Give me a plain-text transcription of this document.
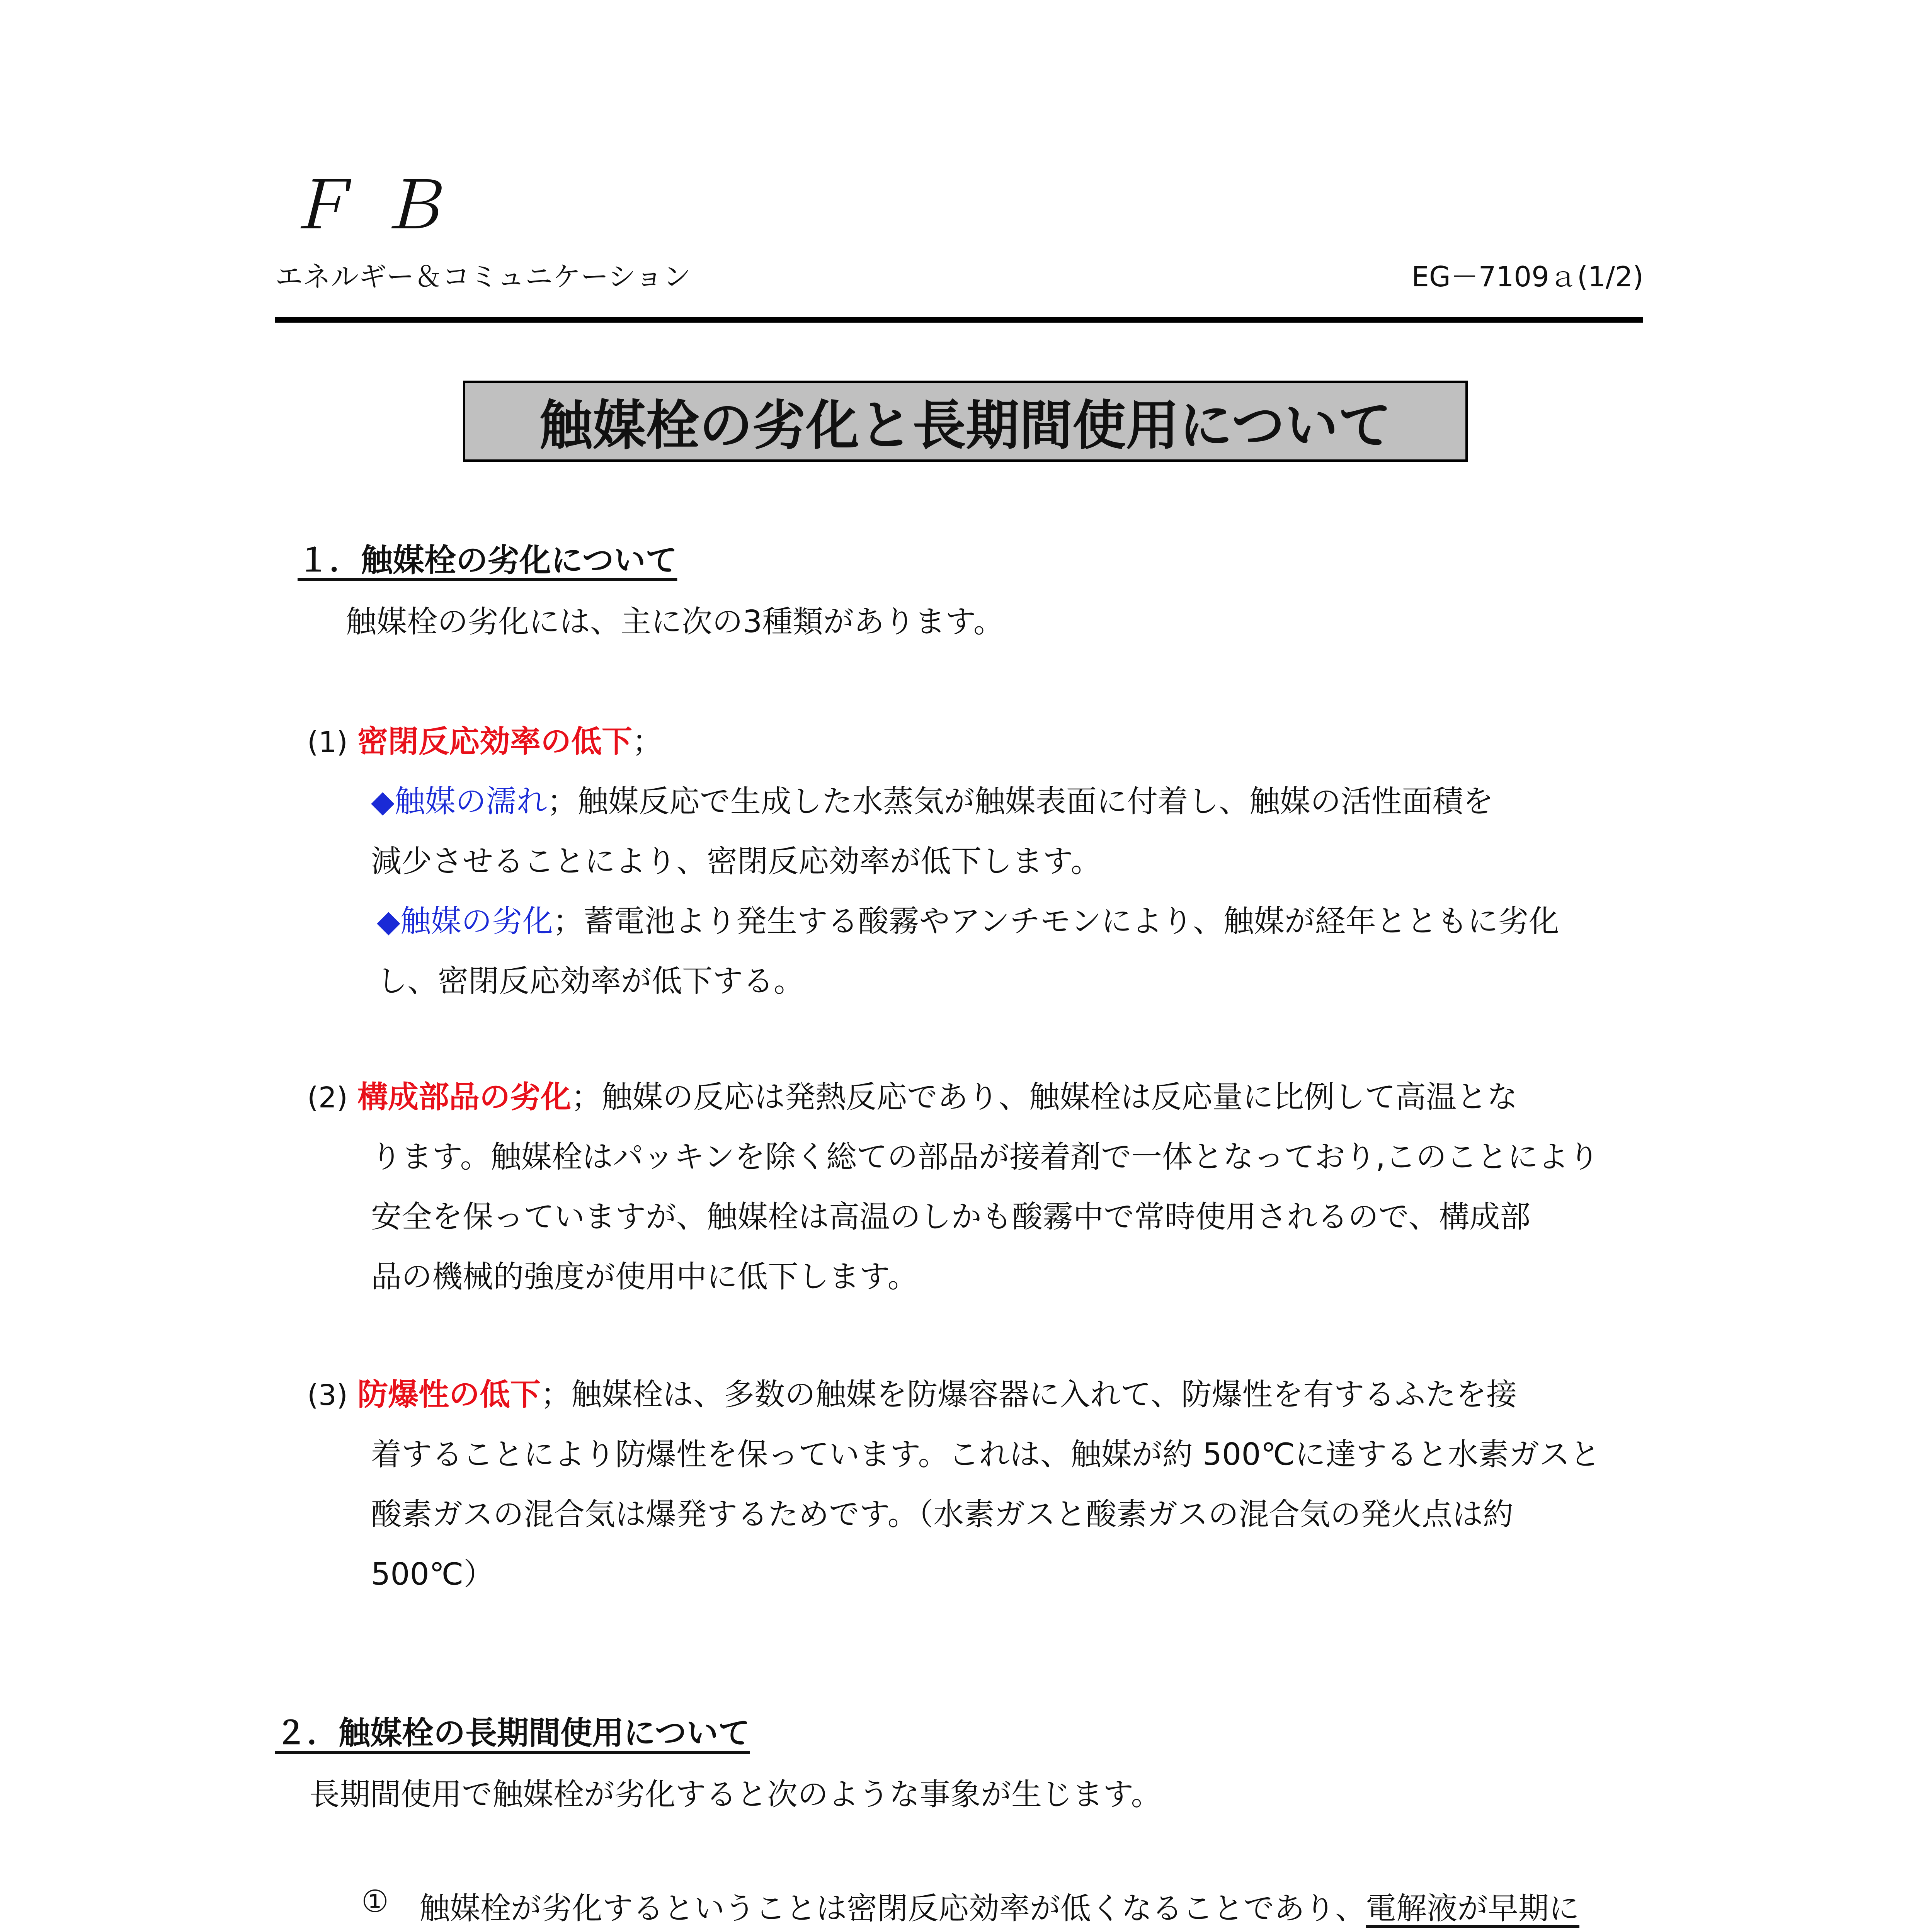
ＦＢ
エネルギー＆コミュニケーション	EG－7109ａ(1/2)
触媒栓の劣化と長期間使用について
１．触媒栓の劣化について
触媒栓の劣化には、主に次の3種類があります。
(1) 密閉反応効率の低下；
◆触媒の濡れ；触媒反応で生成した水蒸気が触媒表面に付着し、触媒の活性面積を
減少させることにより、密閉反応効率が低下します。
◆触媒の劣化；蓄電池より発生する酸霧やアンチモンにより、触媒が経年とともに劣化
し、密閉反応効率が低下する。
(2) 構成部品の劣化；触媒の反応は発熱反応であり、触媒栓は反応量に比例して高温とな
ります。触媒栓はパッキンを除く総ての部品が接着剤で一体となっており,このことにより
安全を保っていますが、触媒栓は高温のしかも酸霧中で常時使用されるので、構成部
品の機械的強度が使用中に低下します。
(3) 防爆性の低下；触媒栓は、多数の触媒を防爆容器に入れて、防爆性を有するふたを接
着することにより防爆性を保っています。これは、触媒が約 500℃に達すると水素ガスと
酸素ガスの混合気は爆発するためです。（水素ガスと酸素ガスの混合気の発火点は約
500℃）
２．触媒栓の長期間使用について
長期間使用で触媒栓が劣化すると次のような事象が生じます。
① 触媒栓が劣化するということは密閉反応効率が低くなることであり、電解液が早期に
